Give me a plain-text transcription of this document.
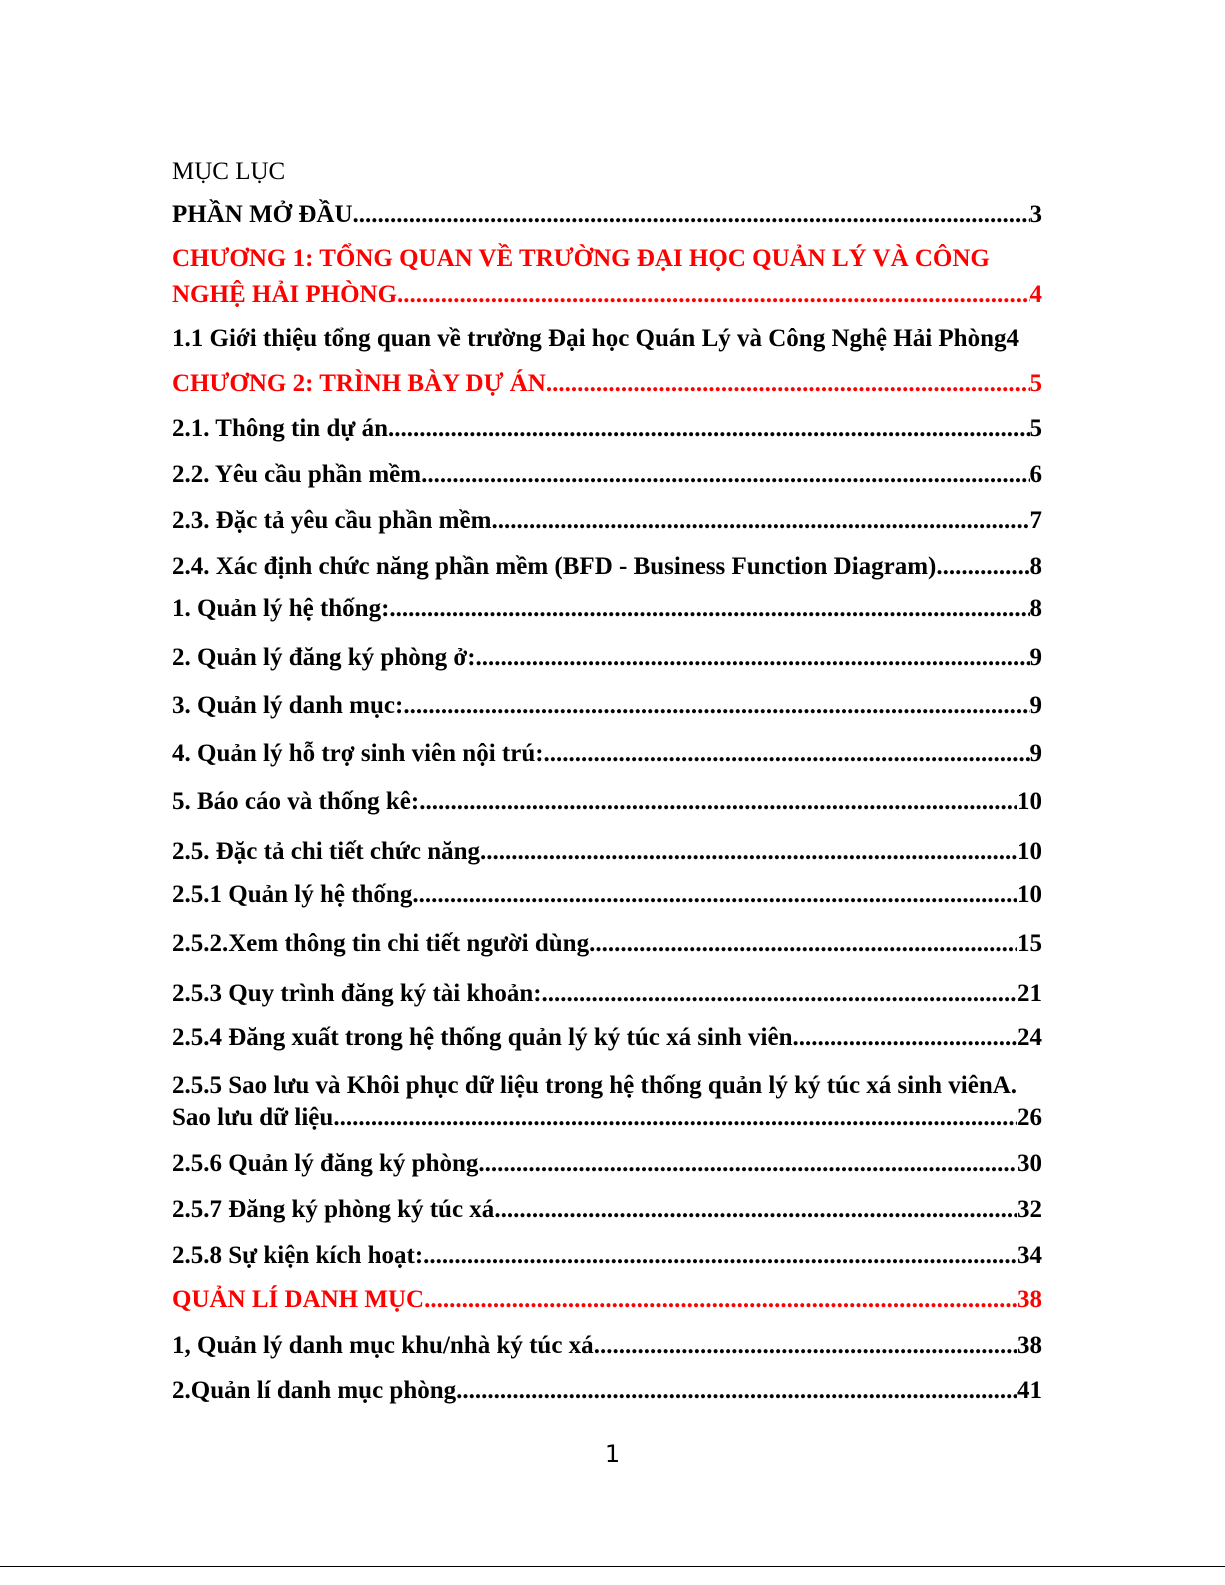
MỤC LỤC
PHẦN MỞ ĐẦU .....	3
CHƯƠNG 1: TỔNG QUAN VỀ TRƯỜNG ĐẠI HỌC QUẢN LÝ VÀ CÔNG
NGHỆ HẢI PHÒNG .....	4
1.1 Giới thiệu tổng quan về trường Đại học Quán Lý và Công Nghệ Hải Phòng 4
CHƯƠNG 2: TRÌNH BÀY DỰ ÁN .....	5
2.1. Thông tin dự án .....	5
2.2. Yêu cầu phần mềm .....	6
2.3. Đặc tả yêu cầu phần mềm .....	7
2.4. Xác định chức năng phần mềm (BFD - Business Function Diagram) .....	8
1. Quản lý hệ thống: .....	8
2. Quản lý đăng ký phòng ở: .....	9
3. Quản lý danh mục: .....	9
4. Quản lý hỗ trợ sinh viên nội trú: .....	9
5. Báo cáo và thống kê: .....	10
2.5. Đặc tả chi tiết chức năng .....	10
2.5.1 Quản lý hệ thống .....	10
2.5.2.Xem thông tin chi tiết người dùng .....	15
2.5.3 Quy trình đăng ký tài khoản: .....	21
2.5.4 Đăng xuất trong hệ thống quản lý ký túc xá sinh viên .....	24
2.5.5 Sao lưu và Khôi phục dữ liệu trong hệ thống quản lý ký túc xá sinh viênA.
Sao lưu dữ liệu .....	26
2.5.6 Quản lý đăng ký phòng .....	30
2.5.7 Đăng ký phòng ký túc xá .....	32
2.5.8 Sự kiện kích hoạt: .....	34
QUẢN LÍ DANH MỤC .....	38
1, Quản lý danh mục khu/nhà ký túc xá .....	38
2.Quản lí danh mục phòng .....	41
1
